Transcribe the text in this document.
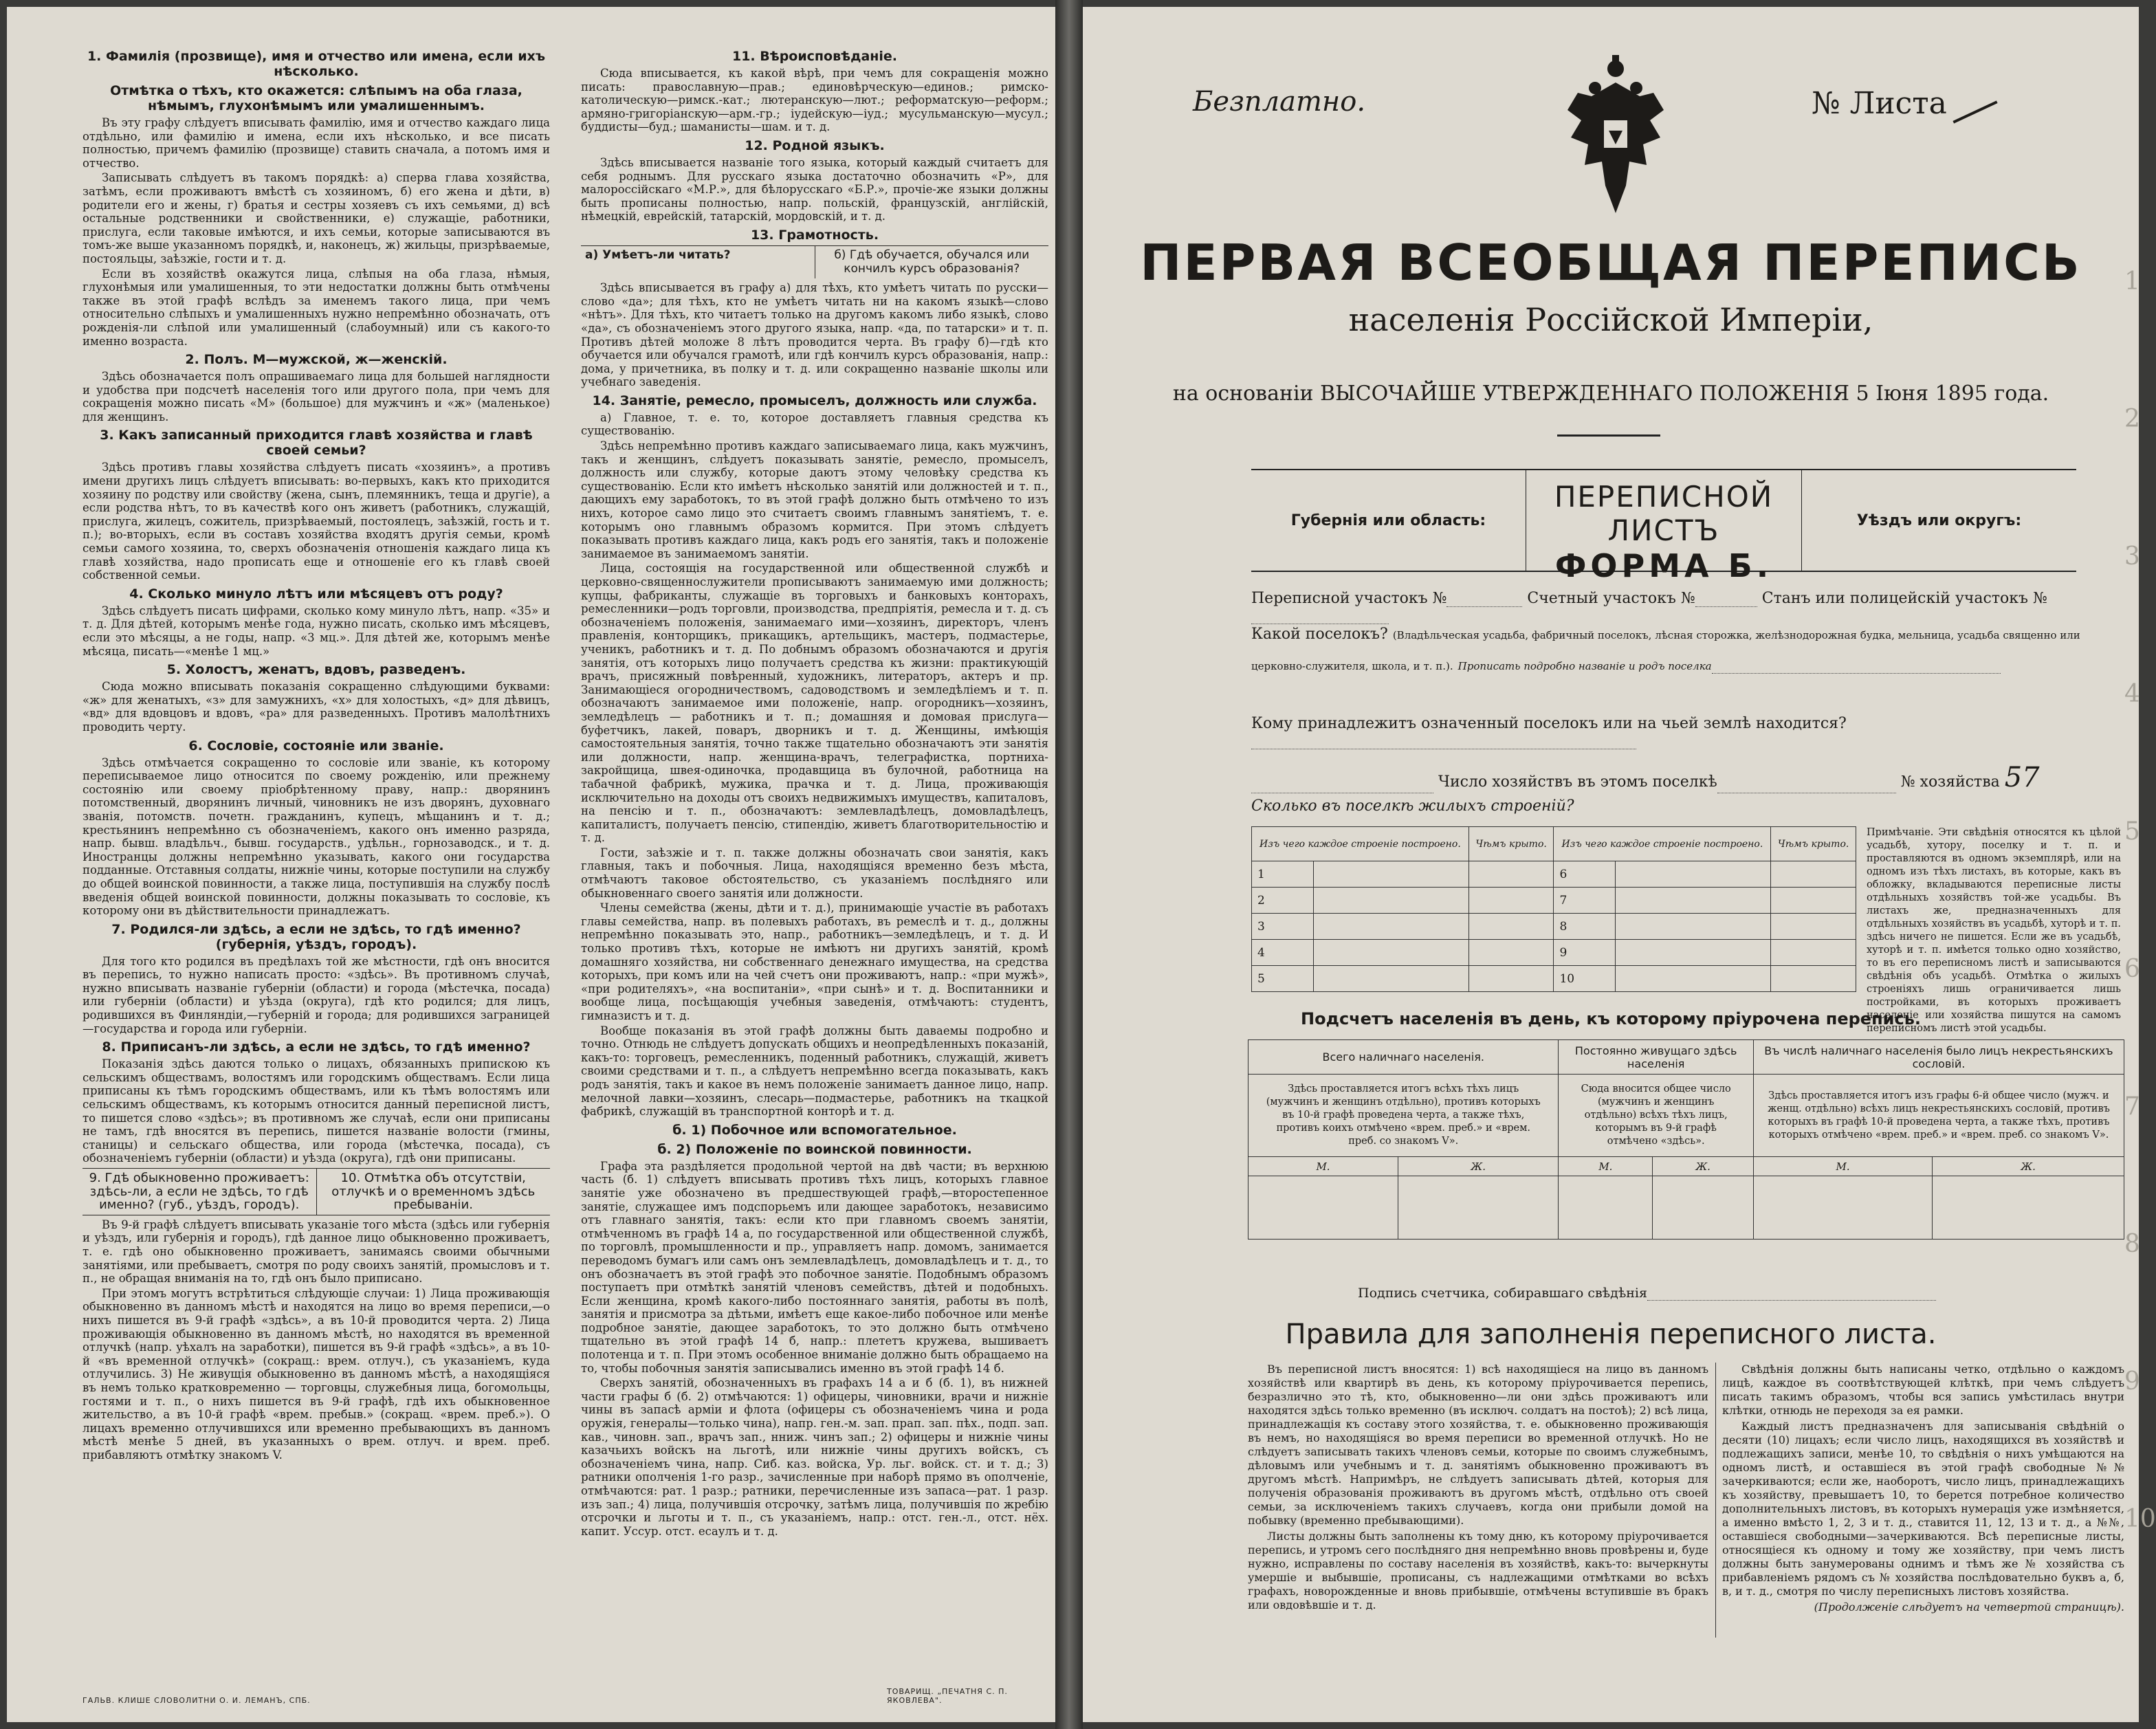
1. Фамилія (прозвище), имя и отчество или имена, если ихъ нѣсколько.
Отмѣтка о тѣхъ, кто окажется: слѣпымъ на оба глаза, нѣмымъ, глухонѣмымъ или умалишеннымъ.

Въ эту графу слѣдуетъ вписывать фамилію, имя и отчество каждаго лица отдѣльно, или фамилію и имена, если ихъ нѣсколько, и все писать полностью, причемъ фамилію (прозвище) ставить сначала, а потомъ имя и отчество.

Записывать слѣдуетъ въ такомъ порядкѣ: а) сперва глава хозяйства, затѣмъ, если проживаютъ вмѣстѣ съ хозяиномъ, б) его жена и дѣти, в) родители его и жены, г) братья и сестры хозяевъ съ ихъ семьями, д) всѣ остальные родственники и свойственники, е) служащіе, работники, прислуга, если таковые имѣются, и ихъ семьи, которые записываются въ томъ-же выше указанномъ порядкѣ, и, наконецъ, ж) жильцы, призрѣваемые, постояльцы, заѣзжіе, гости и т. д.

Если въ хозяйствѣ окажутся лица, слѣпыя на оба глаза, нѣмыя, глухонѣмыя или умалишенныя, то эти недостатки должны быть отмѣчены также въ этой графѣ вслѣдъ за именемъ такого лица, при чемъ относительно слѣпыхъ и умалишенныхъ нужно непремѣнно обозначать, отъ рожденія-ли слѣпой или умалишенный (слабоумный) или съ какого-то именно возраста.

2. Полъ. М—мужской, ж—женскій.

Здѣсь обозначается полъ опрашиваемаго лица для большей наглядности и удобства при подсчетѣ населенія того или другого пола, при чемъ для сокращенія можно писать «М» (большое) для мужчинъ и «ж» (маленькое) для женщинъ.

3. Какъ записанный приходится главѣ хозяйства и главѣ своей семьи?

Здѣсь противъ главы хозяйства слѣдуетъ писать «хозяинъ», а противъ имени другихъ лицъ слѣдуетъ вписывать: во-первыхъ, какъ кто приходится хозяину по родству или свойству (жена, сынъ, племянникъ, теща и другіе), а если родства нѣтъ, то въ качествѣ кого онъ живетъ (работникъ, служащій, прислуга, жилецъ, сожитель, призрѣваемый, постоялецъ, заѣзжій, гость и т. п.); во-вторыхъ, если въ составъ хозяйства входятъ другія семьи, кромѣ семьи самого хозяина, то, сверхъ обозначенія отношенія каждаго лица къ главѣ хозяйства, надо прописать еще и отношеніе его къ главѣ своей собственной семьи.

4. Сколько минуло лѣтъ или мѣсяцевъ отъ роду?

Здѣсь слѣдуетъ писать цифрами, сколько кому минуло лѣтъ, напр. «35» и т. д. Для дѣтей, которымъ менѣе года, нужно писать, сколько имъ мѣсяцевъ, если это мѣсяцы, а не годы, напр. «3 мц.». Для дѣтей же, которымъ менѣе мѣсяца, писать—«менѣе 1 мц.»

5. Холостъ, женатъ, вдовъ, разведенъ.

Сюда можно вписывать показанія сокращенно слѣдующими буквами: «ж» для женатыхъ, «з» для замужнихъ, «х» для холостыхъ, «д» для дѣвицъ, «вд» для вдовцовъ и вдовъ, «ра» для разведенныхъ. Противъ малолѣтнихъ проводить черту.

6. Сословіе, состояніе или званіе.

Здѣсь отмѣчается сокращенно то сословіе или званіе, къ которому переписываемое лицо относится по своему рожденію, или прежнему состоянію или своему пріобрѣтенному праву, напр.: дворянинъ потомственный, дворянинъ личный, чиновникъ не изъ дворянъ, духовнаго званія, потомств. почетн. гражданинъ, купецъ, мѣщанинъ и т. д.; крестьянинъ непремѣнно съ обозначеніемъ, какого онъ именно разряда, напр. бывш. владѣльч., бывш. государств., удѣльн., горнозаводск., и т. д. Иностранцы должны непремѣнно указывать, какого они государства подданные. Отставныя солдаты, нижніе чины, которые поступили на службу до общей воинской повинности, а также лица, поступившія на службу послѣ введенія общей воинской повинности, должны показывать то сословіе, къ которому они въ дѣйствительности принадлежатъ.

7. Родился-ли здѣсь, а если не здѣсь, то гдѣ именно? (губернія, уѣздъ, городъ).

Для того кто родился въ предѣлахъ той же мѣстности, гдѣ онъ вносится въ перепись, то нужно написать просто: «здѣсь». Въ противномъ случаѣ, нужно вписывать названіе губерніи (области) и города (мѣстечка, посада) или губерніи (области) и уѣзда (округа), гдѣ кто родился; для лицъ, родившихся въ Финляндіи,—губерній и города; для родившихся заграницей—государства и города или губерніи.

8. Приписанъ-ли здѣсь, а если не здѣсь, то гдѣ именно?

Показанія здѣсь даются только о лицахъ, обязанныхъ припискою къ сельскимъ обществамъ, волостямъ или городскимъ обществамъ. Если лица приписаны къ тѣмъ городскимъ обществамъ, или къ тѣмъ волостямъ или сельскимъ обществамъ, къ которымъ относится данный переписной листъ, то пишется слово «здѣсь»; въ противномъ же случаѣ, если они приписаны не тамъ, гдѣ вносятся въ перепись, пишется названіе волости (гмины, станицы) и сельскаго общества, или города (мѣстечка, посада), съ обозначеніемъ губерніи (области) и уѣзда (округа), гдѣ они приписаны.

9. Гдѣ обыкновенно проживаетъ: здѣсь-ли, а если не здѣсь, то гдѣ именно? (губ., уѣздъ, городъ).
10. Отмѣтка объ отсутствіи, отлучкѣ и о временномъ здѣсь пребываніи.

Въ 9-й графѣ слѣдуетъ вписывать указаніе того мѣста (здѣсь или губернія и уѣздъ, или губернія и городъ), гдѣ данное лицо обыкновенно проживаетъ, т. е. гдѣ оно обыкновенно проживаетъ, занимаясь своими обычными занятіями, или пребываетъ, смотря по роду своихъ занятій, промысловъ и т. п., не обращая вниманія на то, гдѣ онъ было приписано.

При этомъ могутъ встрѣтиться слѣдующіе случаи: 1) Лица проживающія обыкновенно въ данномъ мѣстѣ и находятся на лицо во время переписи,—о нихъ пишется въ 9-й графѣ «здѣсь», а въ 10-й проводится черта. 2) Лица проживающія обыкновенно въ данномъ мѣстѣ, но находятся въ временной отлучкѣ (напр. уѣхалъ на заработки), пишется въ 9-й графѣ «здѣсь», а въ 10-й «въ временной отлучкѣ» (сокращ.: врем. отлуч.), съ указаніемъ, куда отлучились. 3) Не живущія обыкновенно въ данномъ мѣстѣ, а находящіяся въ немъ только кратковременно — торговцы, служебныя лица, богомольцы, гостями и т. п., о нихъ пишется въ 9-й графѣ, гдѣ ихъ обыкновенное жительство, а въ 10-й графѣ «врем. пребыв.» (сокращ. «врем. преб.»). О лицахъ временно отлучившихся или временно пребывающихъ въ данномъ мѣстѣ менѣе 5 дней, въ указанныхъ о врем. отлуч. и врем. преб. прибавляютъ отмѣтку знакомъ V.

11. Вѣроисповѣданіе.

Сюда вписывается, къ какой вѣрѣ, при чемъ для сокращенія можно писать: православную—прав.; единовѣрческую—единов.; римско-католическую—римск.-кат.; лютеранскую—лют.; реформатскую—реформ.; армяно-григоріанскую—арм.-гр.; іудейскую—іуд.; мусульманскую—мусул.; буддисты—буд.; шаманисты—шам. и т. д.

12. Родной языкъ.

Здѣсь вписывается названіе того языка, который каждый считаетъ для себя роднымъ. Для русскаго языка достаточно обозначить «Р», для малороссійскаго «М.Р.», для бѣлорусскаго «Б.Р.», прочіе-же языки должны быть прописаны полностью, напр. польскій, французскій, англійскій, нѣмецкій, еврейскій, татарскій, мордовскій, и т. д.

13. Грамотность.
а) Умѣетъ-ли читать?	б) Гдѣ обучается, обучался или кончилъ курсъ образованія?

Здѣсь вписывается въ графу а) для тѣхъ, кто умѣетъ читать по русски—слово «да»; для тѣхъ, кто не умѣетъ читать ни на какомъ языкѣ—слово «нѣтъ». Для тѣхъ, кто читаетъ только на другомъ какомъ либо языкѣ, слово «да», съ обозначеніемъ этого другого языка, напр. «да, по татарски» и т. п. Противъ дѣтей моложе 8 лѣтъ проводится черта. Въ графу б)—гдѣ кто обучается или обучался грамотѣ, или гдѣ кончилъ курсъ образованія, напр.: дома, у причетника, въ полку и т. д. или сокращенно названіе школы или учебнаго заведенія.

14. Занятіе, ремесло, промыселъ, должность или служба.

а) Главное, т. е. то, которое доставляетъ главныя средства къ существованію.

Здѣсь непремѣнно противъ каждаго записываемаго лица, какъ мужчинъ, такъ и женщинъ, слѣдуетъ показывать занятіе, ремесло, промыселъ, должность или службу, которые даютъ этому человѣку средства къ существованію. Если кто имѣетъ нѣсколько занятій или должностей и т. п., дающихъ ему заработокъ, то въ этой графѣ должно быть отмѣчено то изъ нихъ, которое само лицо это считаетъ своимъ главнымъ занятіемъ, т. е. которымъ оно главнымъ образомъ кормится. При этомъ слѣдуетъ показывать противъ каждаго лица, какъ родъ его занятія, такъ и положеніе занимаемое въ занимаемомъ занятіи.

Лица, состоящія на государственной или общественной службѣ и церковно-священнослужители прописываютъ занимаемую ими должность; купцы, фабриканты, служащіе въ торговыхъ и банковыхъ конторахъ, ремесленники—родъ торговли, производства, предпріятія, ремесла и т. д. съ обозначеніемъ положенія, занимаемаго ими—хозяинъ, директоръ, членъ правленія, конторщикъ, прикащикъ, артельщикъ, мастеръ, подмастерье, ученикъ, работникъ и т. д. По добнымъ образомъ обозначаются и другія занятія, отъ которыхъ лицо получаетъ средства къ жизни: практикующій врачъ, присяжный повѣренный, художникъ, литераторъ, актеръ и пр. Занимающіеся огородничествомъ, садоводствомъ и земледѣліемъ и т. п. обозначаютъ занимаемое ими положеніе, напр. огородникъ—хозяинъ, земледѣлецъ — работникъ и т. п.; домашняя и домовая прислуга—буфетчикъ, лакей, поваръ, дворникъ и т. д. Женщины, имѣющія самостоятельныя занятія, точно также тщательно обозначаютъ эти занятія или должности, напр. женщина-врачъ, телеграфистка, портниха-закройщица, швея-одиночка, продавщица въ булочной, работница на табачной фабрикѣ, мужика, прачка и т. д. Лица, проживающія исключительно на доходы отъ своихъ недвижимыхъ имуществъ, капиталовъ, на пенсію и т. п., обозначаютъ: землевладѣлецъ, домовладѣлецъ, капиталистъ, получаетъ пенсію, стипендію, живетъ благотворительностію и т. д.

Гости, заѣзжіе и т. п. также должны обозначать свои занятія, какъ главныя, такъ и побочныя. Лица, находящіяся временно безъ мѣста, отмѣчаютъ таковое обстоятельство, съ указаніемъ послѣдняго или обыкновеннаго своего занятія или должности.

Члены семейства (жены, дѣти и т. д.), принимающіе участіе въ работахъ главы семейства, напр. въ полевыхъ работахъ, въ ремеслѣ и т. д., должны непремѣнно показывать это, напр., работникъ—земледѣлецъ, и т. д. И только противъ тѣхъ, которые не имѣютъ ни другихъ занятій, кромѣ домашняго хозяйства, ни собственнаго денежнаго имущества, на средства которыхъ, при комъ или на чей счетъ они проживаютъ, напр.: «при мужѣ», «при родителяхъ», «на воспитаніи», «при сынѣ» и т. д. Воспитанники и вообще лица, посѣщающія учебныя заведенія, отмѣчаютъ: студентъ, гимназистъ и т. д.

Вообще показанія въ этой графѣ должны быть даваемы подробно и точно. Отнюдь не слѣдуетъ допускать общихъ и неопредѣленныхъ показаній, какъ-то: торговецъ, ремесленникъ, поденный работникъ, служащій, живетъ своими средствами и т. п., а слѣдуетъ непремѣнно всегда показывать, какъ родъ занятія, такъ и какое въ немъ положеніе занимаетъ данное лицо, напр. мелочной лавки—хозяинъ, слесарь—подмастерье, работникъ на ткацкой фабрикѣ, служащій въ транспортной конторѣ и т. д.

б. 1) Побочное или вспомогательное.
б. 2) Положеніе по воинской повинности.

Графа эта раздѣляется продольной чертой на двѣ части; въ верхнюю часть (б. 1) слѣдуетъ вписывать противъ тѣхъ лицъ, которыхъ главное занятіе уже обозначено въ предшествующей графѣ,—второстепенное занятіе, служащее имъ подспорьемъ или дающее заработокъ, независимо отъ главнаго занятія, такъ: если кто при главномъ своемъ занятіи, отмѣченномъ въ графѣ 14 а, по государственной или общественной службѣ, по торговлѣ, промышленности и пр., управляетъ напр. домомъ, занимается переводомъ бумагъ или самъ онъ землевладѣлецъ, домовладѣлецъ и т. д., то онъ обозначаетъ въ этой графѣ это побочное занятіе. Подобнымъ образомъ поступаетъ при отмѣткѣ занятій членовъ семействъ, дѣтей и подобныхъ. Если женщина, кромѣ какого-либо постояннаго занятія, работы въ полѣ, занятія и присмотра за дѣтьми, имѣетъ еще какое-либо побочное или менѣе подробное занятіе, дающее заработокъ, то это должно быть отмѣчено тщательно въ этой графѣ 14 б, напр.: плететъ кружева, вышиваетъ полотенца и т. п. При этомъ особенное вниманіе должно быть обращаемо на то, чтобы побочныя занятія записывались именно въ этой графѣ 14 б.

Сверхъ занятій, обозначенныхъ въ графахъ 14 а и б (б. 1), въ нижней части графы б (б. 2) отмѣчаются: 1) офицеры, чиновники, врачи и нижніе чины въ запасѣ армiи и флота (офицеры съ обозначеніемъ чина и рода оружія, генералы—только чина), напр. ген.-м. зап. прап. зап. пѣх., подп. зап. кав., чиновн. зап., врачъ зап., нниж. чинъ зап.; 2) офицеры и нижніе чины казачьихъ войскъ на льготѣ, или нижніе чины другихъ войскъ, съ обозначеніемъ чина, напр. Сиб. каз. войска, Ур. льг. войск. ст. и т. д.; 3) ратники ополченія 1-го разр., зачисленные при наборѣ прямо въ ополченіе, отмѣчаются: рат. 1 разр.; ратники, перечисленные изъ запаса—рат. 1 разр. изъ зап.; 4) лица, получившія отсрочку, затѣмъ лица, получившія по жребію отсрочки и льготы и т. п., съ указаніемъ, напр.: отст. ген.-л., отст. нёх. капит. Уссур. отст. есаулъ и т. д.

ГАЛЬВ. КЛИШЕ СЛОВОЛИТНИ О. И. ЛЕМАНЪ, СПБ.
ТОВАРИЩ. „ПЕЧАТНЯ С. П. ЯКОВЛЕВА".
Безплатно.	№ Листа
ПЕРВАЯ ВСЕОБЩАЯ ПЕРЕПИСЬ
населенія Россійской Имперіи,
на основаніи ВЫСОЧАЙШЕ УТВЕРЖДЕННАГО ПОЛОЖЕНІЯ 5 Іюня 1895 года.
Губернія или область:
ПЕРЕПИСНОЙ ЛИСТЪ
ФОРМА Б.
Уѣздъ или округъ:
Переписной участокъ №	Счетный участокъ №	Станъ или полицейскій участокъ №
Какой поселокъ? (Владѣльческая усадьба, фабричный поселокъ, лѣсная сторожка, желѣзнодорожная будка, мельница, усадьба священно или
церковно-служителя, школа, и т. п.). Прописать подробно названіе и родъ поселка
Кому принадлежитъ означенный поселокъ или на чьей землѣ находится?
Число хозяйствъ въ этомъ поселкѣ	№ хозяйства 57
Сколько въ поселкѣ жилыхъ строеній?
Изъ чего каждое строеніе построено.		Чѣмъ крыто.	Изъ чего каждое строеніе построено.		Чѣмъ крыто.
1			6		
2			7		
3			8		
4			9		
5			10		
Примѣчаніе. Эти свѣдѣнія относятся къ цѣлой усадьбѣ, хутору, поселку и т. п. и проставляются въ одномъ экземплярѣ, или на одномъ изъ тѣхъ листахъ, въ которые, какъ въ обложку, вкладываются переписные листы отдѣльныхъ хозяйствъ той-же усадьбы. Въ листахъ же, предназначенныхъ для отдѣльныхъ хозяйствъ въ усадьбѣ, хуторѣ и т. п. здѣсь ничего не пишется. Если же въ усадьбѣ, хуторѣ и т. п. имѣется только одно хозяйство, то въ его переписномъ листѣ и записываются свѣдѣнія объ усадьбѣ. Отмѣтка о жилыхъ строеніяхъ лишь ограничивается лишь постройками, въ которыхъ проживаетъ населеніе или хозяйства пишутся на самомъ переписномъ листѣ этой усадьбы.
Подсчетъ населенія въ день, къ которому пріурочена перепись.
Всего наличнаго населенія.		Постоянно живущаго здѣсь населенія		Въ числѣ наличнаго населенія было лицъ некрестьянскихъ сословій.	
Здѣсь проставляется итогъ всѣхъ тѣхъ лицъ (мужчинъ и женщинъ отдѣльно), противъ которыхъ въ 10-й графѣ проведена черта, а также тѣхъ, противъ коихъ отмѣчено «врем. преб.» и «врем. преб. со знакомъ V».		Сюда вносится общее число (мужчинъ и женщинъ отдѣльно) всѣхъ тѣхъ лицъ, которымъ въ 9-й графѣ отмѣчено «здѣсь».		Здѣсь проставляется итогъ изъ графы 6-й общее число (мужч. и женщ. отдѣльно) всѣхъ лицъ некрестьянскихъ сословій, противъ которыхъ въ графѣ 10-й проведена черта, а также тѣхъ, противъ которыхъ отмѣчено «врем. преб.» и «врем. преб. со знакомъ V».	
М.	Ж.	М.	Ж.	М.	Ж.

Подпись счетчика, собиравшаго свѣдѣнія
Правила для заполненія переписного листа.

Въ переписной листъ вносятся: 1) всѣ находящіеся на лицо въ данномъ хозяйствѣ или квартирѣ въ день, къ которому пріурочивается перепись, безразлично это тѣ, кто, обыкновенно—ли они здѣсь проживаютъ или находятся здѣсь только временно (въ исключ. солдатъ на постоѣ); 2) всѣ лица, принадлежащія къ составу этого хозяйства, т. е. обыкновенно проживающія въ немъ, но находящіяся во время переписи во временной отлучкѣ. Но не слѣдуетъ записывать такихъ членовъ семьи, которые по своимъ служебнымъ, дѣловымъ или учебнымъ и т. д. занятіямъ обыкновенно проживаютъ въ другомъ мѣстѣ. Напримѣръ, не слѣдуетъ записывать дѣтей, которыя для полученія образованія проживаютъ въ другомъ мѣстѣ, отдѣльно отъ своей семьи, за исключеніемъ такихъ случаевъ, когда они прибыли домой на побывку (временно пребывающими).

Листы должны быть заполнены къ тому дню, къ которому пріурочивается перепись, и утромъ сего послѣдняго дня непремѣнно вновь провѣрены и, буде нужно, исправлены по составу населенія въ хозяйствѣ, какъ-то: вычеркнуты умершіе и выбывшіе, прописаны, съ надлежащими отмѣтками во всѣхъ графахъ, новорожденные и вновь прибывшіе, отмѣчены вступившіе въ бракъ или овдовѣвшіе и т. д.

Свѣдѣнія должны быть написаны четко, отдѣльно о каждомъ лицѣ, каждое въ соотвѣтствующей клѣткѣ, при чемъ слѣдуетъ писать такимъ образомъ, чтобы вся запись умѣстилась внутри клѣтки, отнюдь не переходя за ея рамки.

Каждый листъ предназначенъ для записыванія свѣдѣній о десяти (10) лицахъ; если число лицъ, находящихся въ хозяйствѣ и подлежащихъ записи, менѣе 10, то свѣдѣнія о нихъ умѣщаются на одномъ листѣ, и оставшіеся въ этой графѣ свободные №№ зачеркиваются; если же, наоборотъ, число лицъ, принадлежащихъ къ хозяйству, превышаетъ 10, то берется потребное количество дополнительныхъ листовъ, въ которыхъ нумерація уже измѣняется, а именно вмѣсто 1, 2, 3 и т. д., ставится 11, 12, 13 и т. д., а №№, оставшіеся свободными—зачеркиваются. Всѣ переписные листы, относящіеся къ одному и тому же хозяйству, при чемъ листъ должны быть занумерованы однимъ и тѣмъ же № хозяйства съ прибавленіемъ рядомъ съ № хозяйства послѣдовательно буквъ а, б, в, и т. д., смотря по числу переписныхъ листовъ хозяйства.

(Продолженіе слѣдуетъ на четвертой страницѣ).

1
2
3
4
5
6
7
8
9
10
